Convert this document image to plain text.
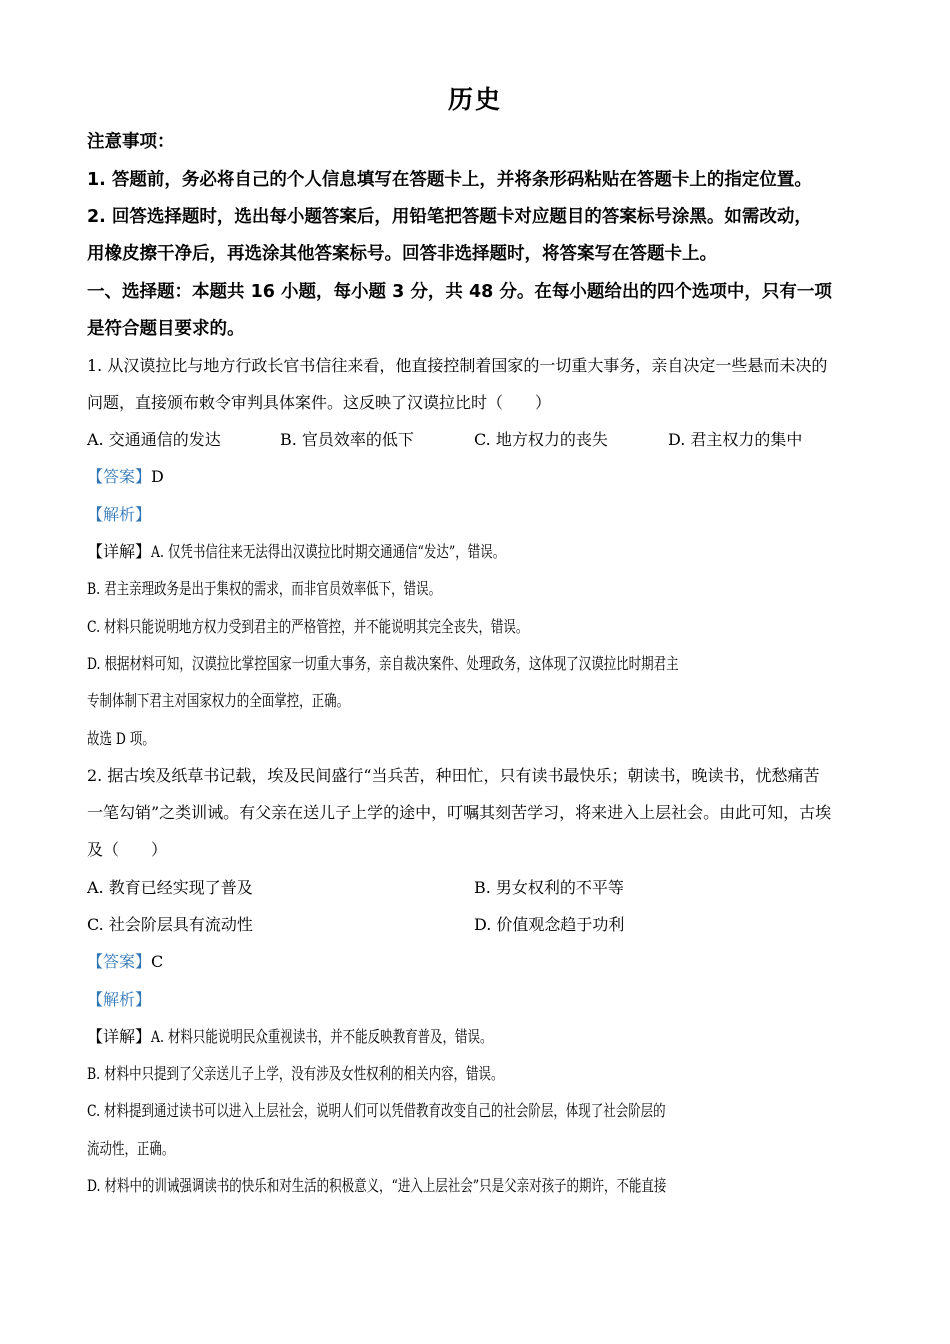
历史
注意事项：
1. 答题前，务必将自己的个人信息填写在答题卡上，并将条形码粘贴在答题卡上的指定位置。
2. 回答选择题时，选出每小题答案后，用铅笔把答题卡对应题目的答案标号涂黑。如需改动，
用橡皮擦干净后，再选涂其他答案标号。回答非选择题时，将答案写在答题卡上。
一、选择题：本题共 16 小题，每小题 3 分，共 48 分。在每小题给出的四个选项中，只有一项
是符合题目要求的。
1. 从汉谟拉比与地方行政长官书信往来看，他直接控制着国家的一切重大事务，亲自决定一些悬而未决的
问题，直接颁布敕令审判具体案件。这反映了汉谟拉比时（　　）
A. 交通通信的发达	B. 官员效率的低下	C. 地方权力的丧失	D. 君主权力的集中
【答案】D
【解析】
【详解】A. 仅凭书信往来无法得出汉谟拉比时期交通通信“发达”，错误。
B. 君主亲理政务是出于集权的需求，而非官员效率低下，错误。
C. 材料只能说明地方权力受到君主的严格管控，并不能说明其完全丧失，错误。
D. 根据材料可知，汉谟拉比掌控国家一切重大事务，亲自裁决案件、处理政务，这体现了汉谟拉比时期君主
专制体制下君主对国家权力的全面掌控，正确。
故选 D 项。
2. 据古埃及纸草书记载，埃及民间盛行“当兵苦，种田忙，只有读书最快乐；朝读书，晚读书，忧愁痛苦
一笔勾销”之类训诫。有父亲在送儿子上学的途中，叮嘱其刻苦学习，将来进入上层社会。由此可知，古埃
及（　　）
A. 教育已经实现了普及	B. 男女权利的不平等
C. 社会阶层具有流动性	D. 价值观念趋于功利
【答案】C
【解析】
【详解】A. 材料只能说明民众重视读书，并不能反映教育普及，错误。
B. 材料中只提到了父亲送儿子上学，没有涉及女性权利的相关内容，错误。
C. 材料提到通过读书可以进入上层社会，说明人们可以凭借教育改变自己的社会阶层，体现了社会阶层的
流动性，正确。
D. 材料中的训诫强调读书的快乐和对生活的积极意义，“进入上层社会”只是父亲对孩子的期许，不能直接
